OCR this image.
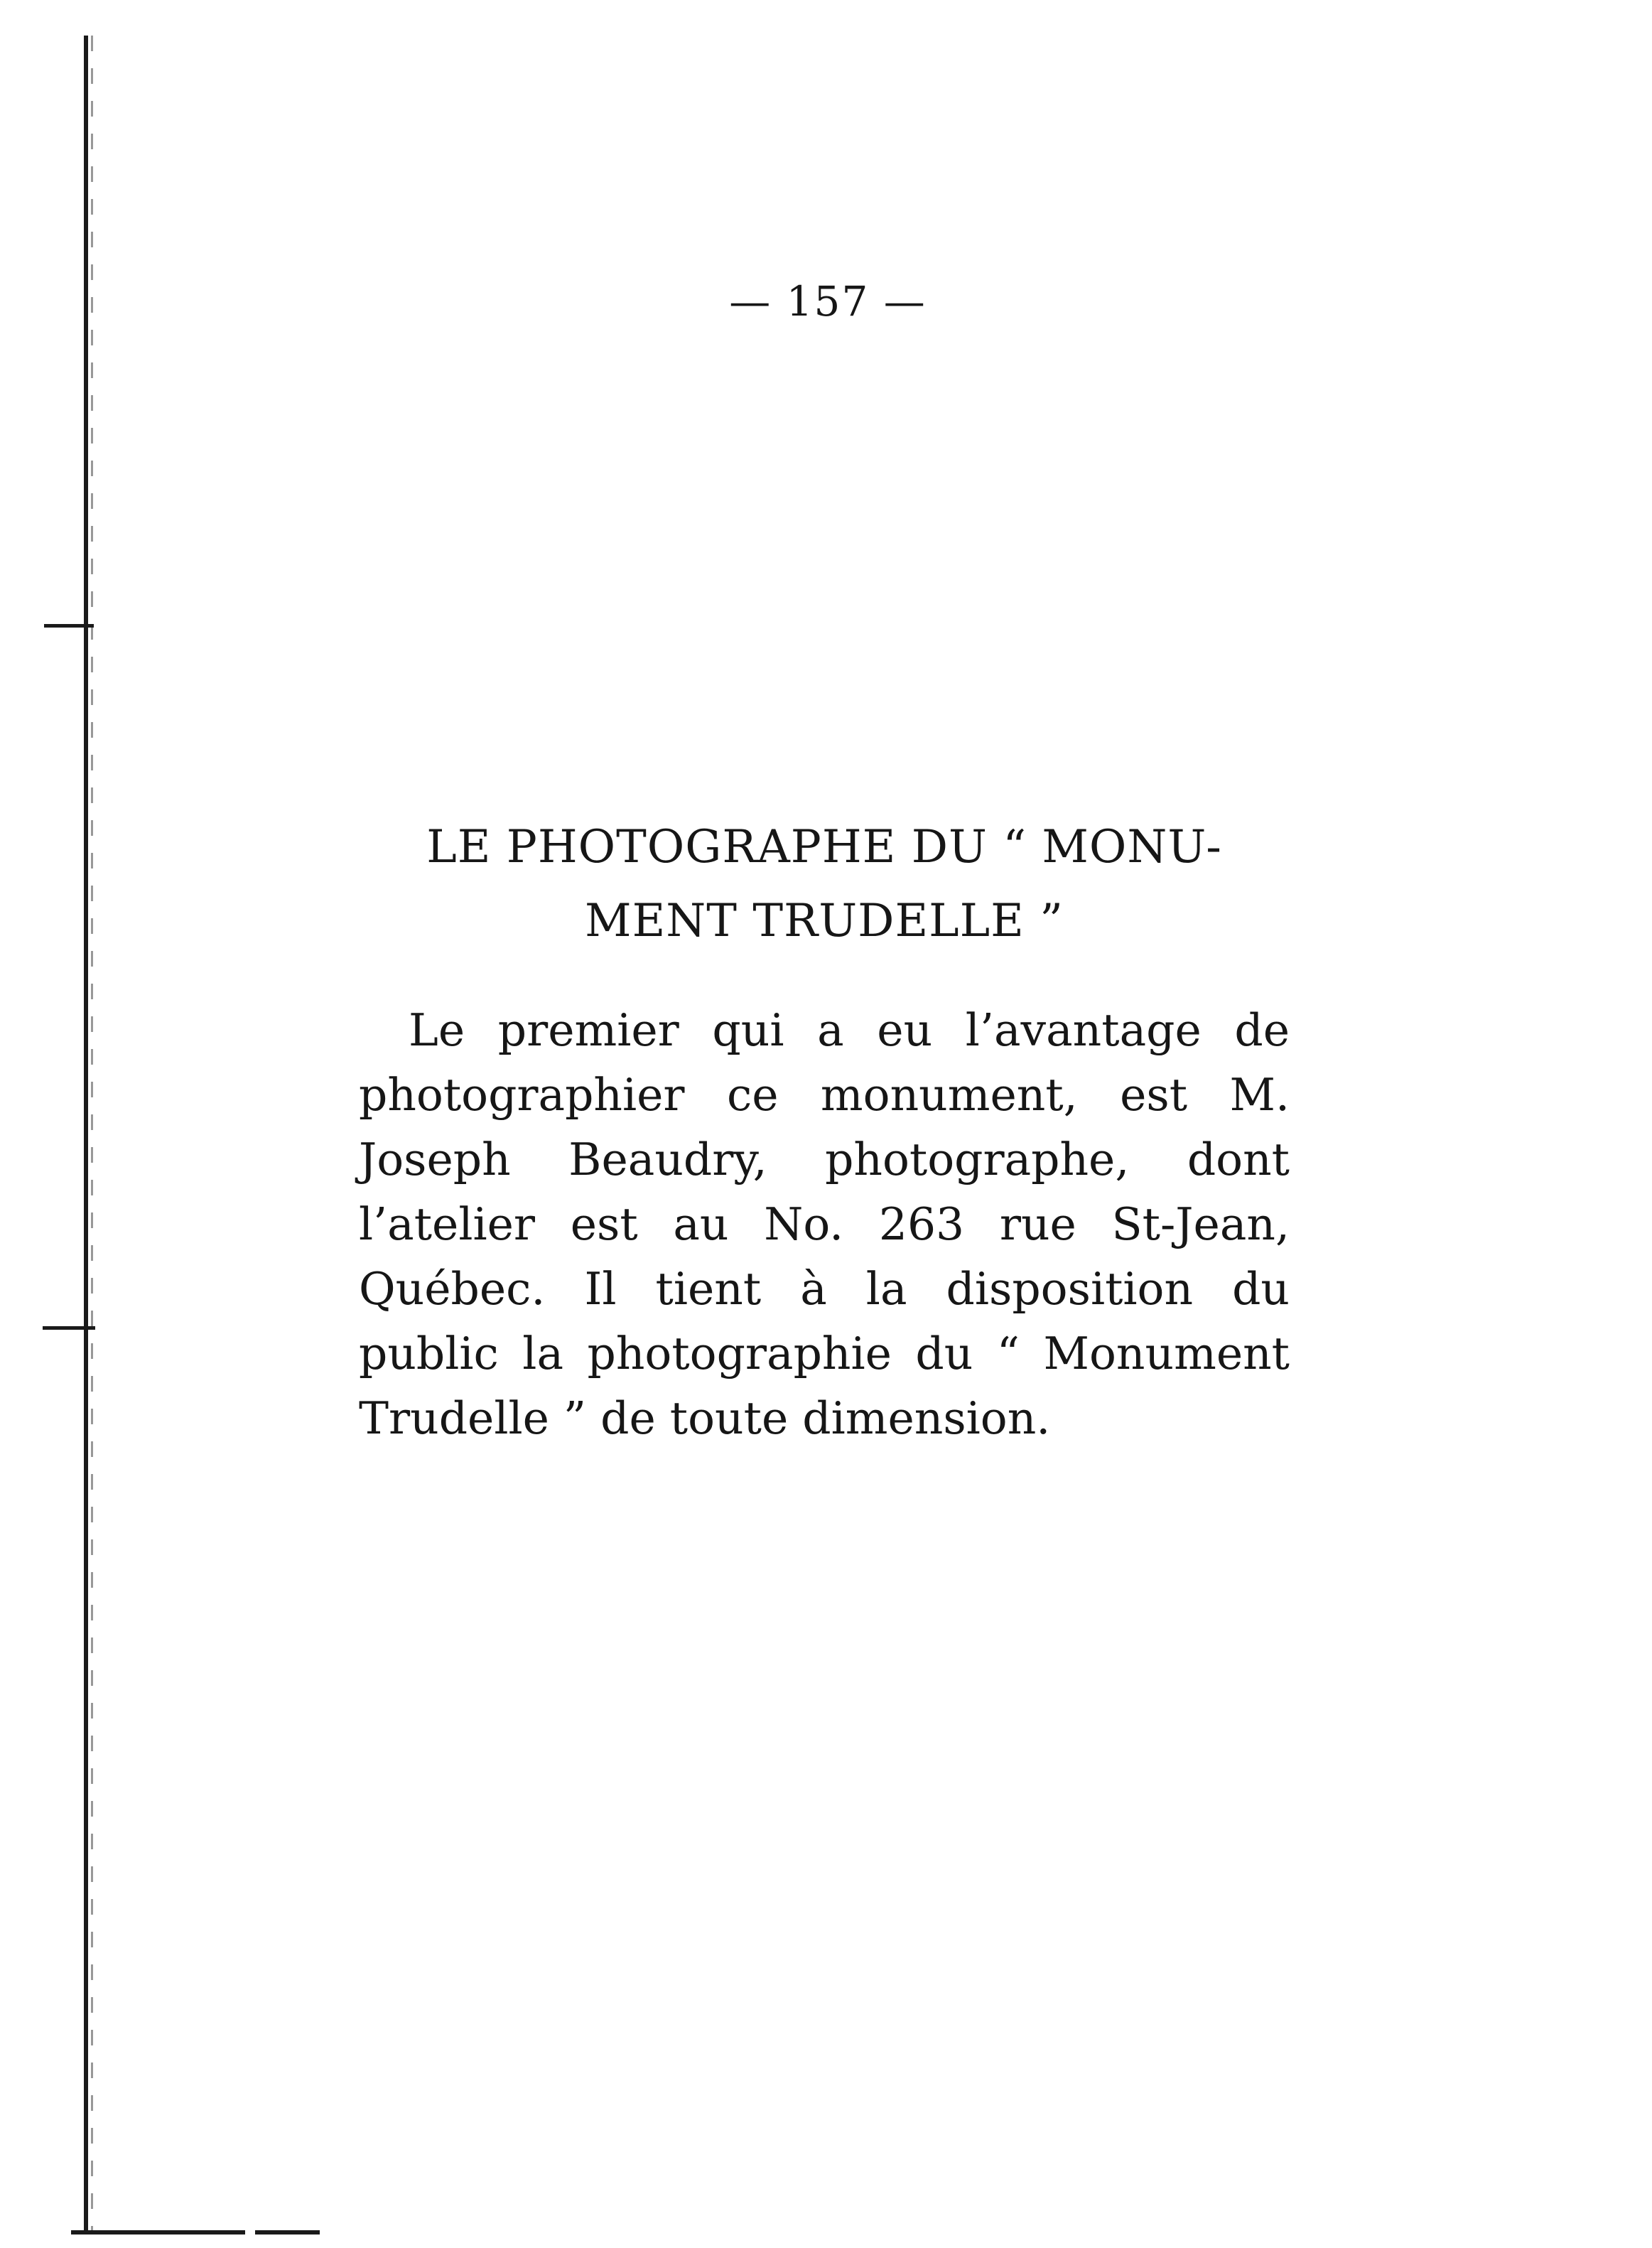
— 157 —
LE PHOTOGRAPHE DU “ MONU-
MENT TRUDELLE ”

Le premier qui a eu l’avantage de photographier ce monument, est M. Joseph Beaudry, photographe, dont l’atelier est au No. 263 rue St-Jean, Québec. Il tient à la disposition du public la photographie du “ Monument Trudelle ” de toute dimension.
